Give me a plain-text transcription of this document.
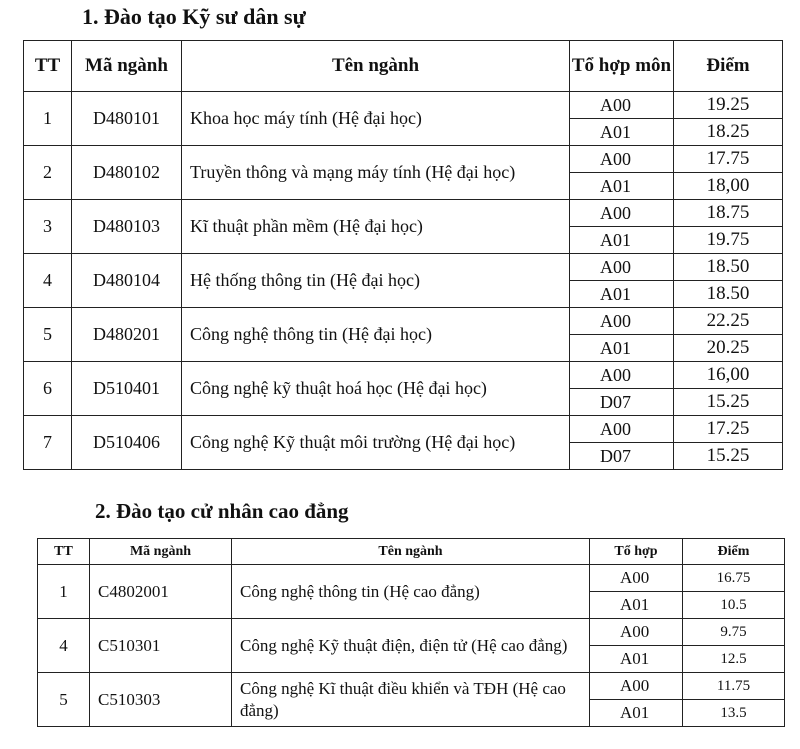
1. Đào tạo Kỹ sư dân sự
TT	Mã ngành	Tên ngành	Tổ hợp môn	Điểm
1	D480101	Khoa học máy tính (Hệ đại học)	A00	19.25
			A01	18.25
2	D480102	Truyền thông và mạng máy tính (Hệ đại học)	A00	17.75
			A01	18,00
3	D480103	Kĩ thuật phần mềm (Hệ đại học)	A00	18.75
			A01	19.75
4	D480104	Hệ thống thông tin (Hệ đại học)	A00	18.50
			A01	18.50
5	D480201	Công nghệ thông tin (Hệ đại học)	A00	22.25
			A01	20.25
6	D510401	Công nghệ kỹ thuật hoá học (Hệ đại học)	A00	16,00
			D07	15.25
7	D510406	Công nghệ Kỹ thuật môi trường (Hệ đại học)	A00	17.25
			D07	15.25
2. Đào tạo cử nhân cao đẳng
TT	Mã ngành	Tên ngành	Tổ hợp	Điểm
1	C4802001	Công nghệ thông tin (Hệ cao đẳng)	A00	16.75
			A01	10.5
4	C510301	Công nghệ Kỹ thuật điện, điện tử (Hệ cao đẳng)	A00	9.75
			A01	12.5
5	C510303	Công nghệ Kĩ thuật điều khiển và TĐH (Hệ cao đẳng)	A00	11.75
			A01	13.5
